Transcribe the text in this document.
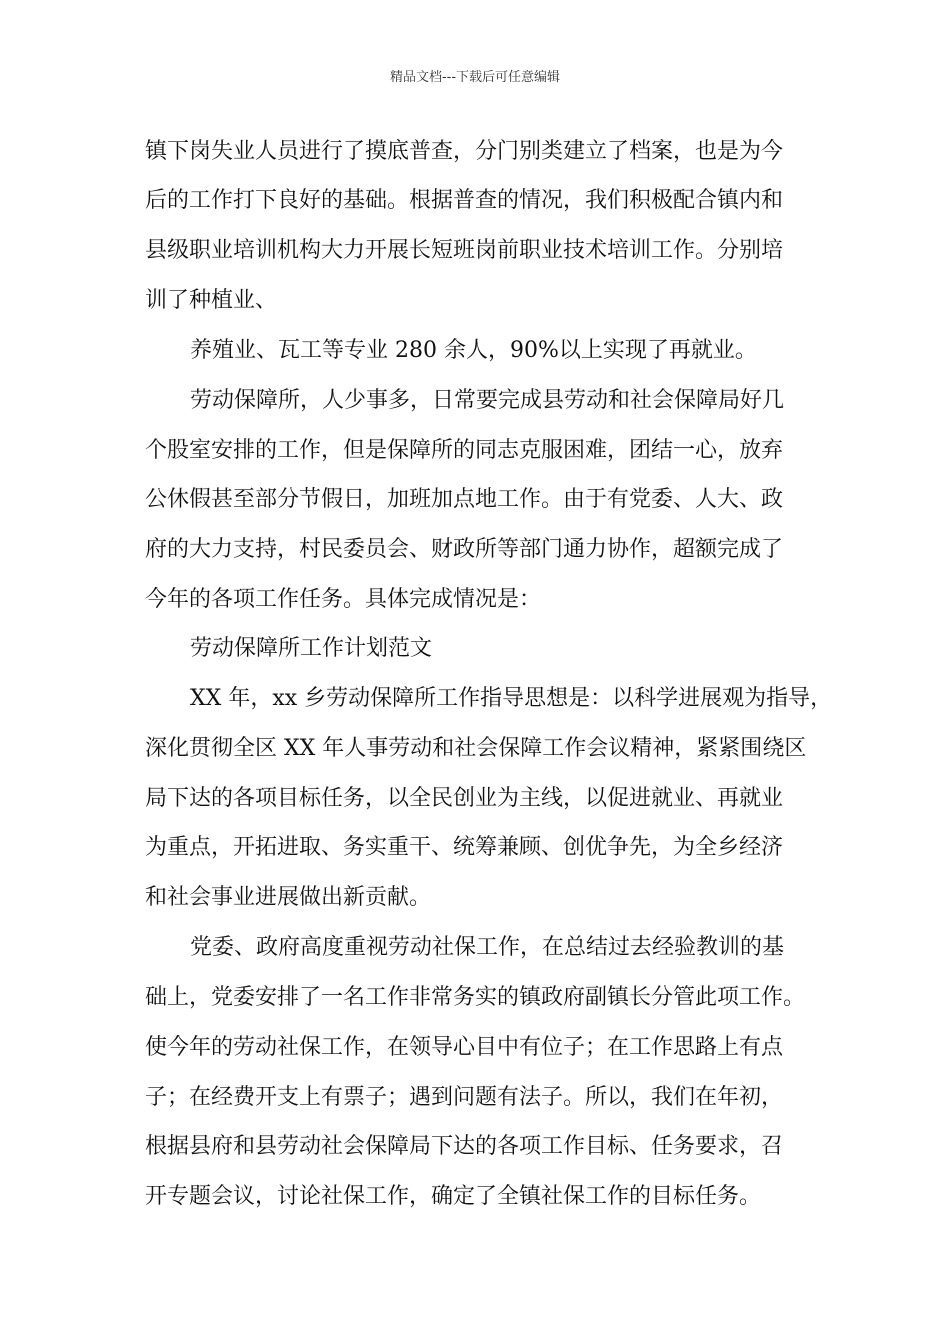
精品文档---下载后可任意编辑
镇下岗失业人员进行了摸底普查，分门别类建立了档案，也是为今
后的工作打下良好的基础。根据普查的情况，我们积极配合镇内和
县级职业培训机构大力开展长短班岗前职业技术培训工作。分别培
训了种植业、
养殖业、瓦工等专业 280 余人，90%以上实现了再就业。
劳动保障所，人少事多，日常要完成县劳动和社会保障局好几
个股室安排的工作，但是保障所的同志克服困难，团结一心，放弃
公休假甚至部分节假日，加班加点地工作。由于有党委、人大、政
府的大力支持，村民委员会、财政所等部门通力协作，超额完成了
今年的各项工作任务。具体完成情况是：
劳动保障所工作计划范文
XX 年，xx 乡劳动保障所工作指导思想是：以科学进展观为指导，
深化贯彻全区 XX 年人事劳动和社会保障工作会议精神，紧紧围绕区
局下达的各项目标任务，以全民创业为主线，以促进就业、再就业
为重点，开拓进取、务实重干、统筹兼顾、创优争先，为全乡经济
和社会事业进展做出新贡献。
党委、政府高度重视劳动社保工作，在总结过去经验教训的基
础上，党委安排了一名工作非常务实的镇政府副镇长分管此项工作。
使今年的劳动社保工作，在领导心目中有位子；在工作思路上有点
子；在经费开支上有票子；遇到问题有法子。所以，我们在年初，
根据县府和县劳动社会保障局下达的各项工作目标、任务要求，召
开专题会议，讨论社保工作，确定了全镇社保工作的目标任务。
